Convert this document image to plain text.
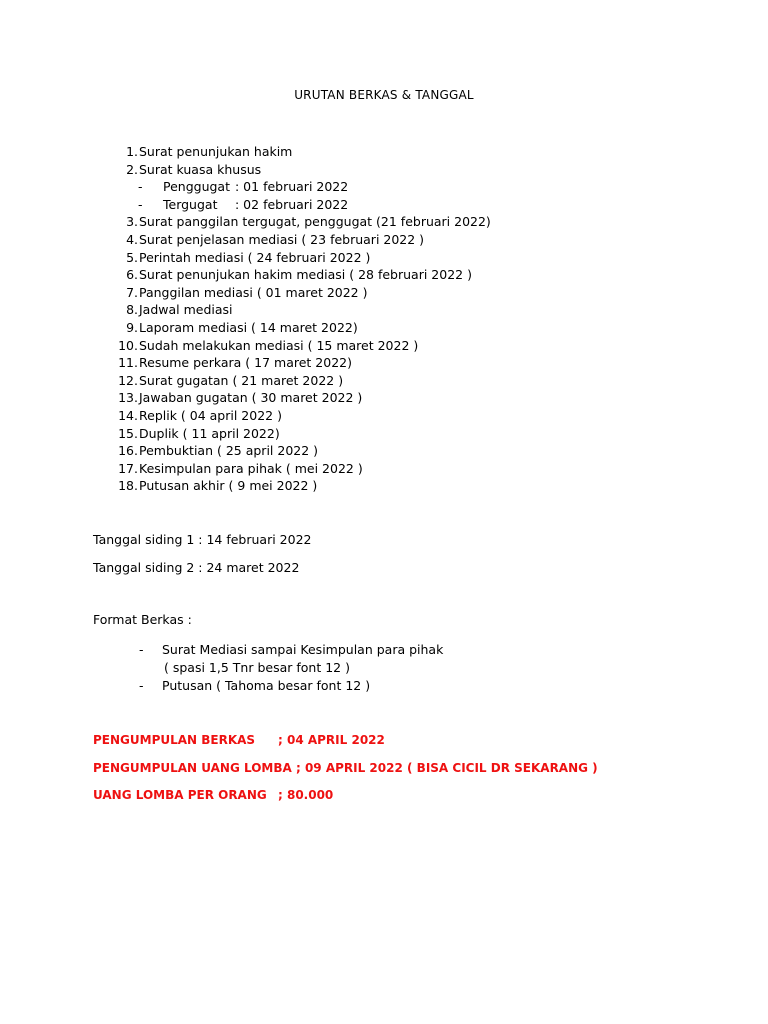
URUTAN BERKAS & TANGGAL
1. Surat penunjukan hakim
2. Surat kuasa khusus
- Penggugat : 01 februari 2022
- Tergugat : 02 februari 2022
3. Surat panggilan tergugat, penggugat (21 februari 2022)
4. Surat penjelasan mediasi ( 23 februari 2022 )
5. Perintah mediasi ( 24 februari 2022 )
6. Surat penunjukan hakim mediasi ( 28 februari 2022 )
7. Panggilan mediasi ( 01 maret 2022 )
8. Jadwal mediasi
9. Laporam mediasi ( 14 maret 2022)
10. Sudah melakukan mediasi ( 15 maret 2022 )
11. Resume perkara ( 17 maret 2022)
12. Surat gugatan ( 21 maret 2022 )
13. Jawaban gugatan ( 30 maret 2022 )
14. Replik ( 04 april 2022 )
15. Duplik ( 11 april 2022)
16. Pembuktian ( 25 april 2022 )
17. Kesimpulan para pihak ( mei 2022 )
18. Putusan akhir ( 9 mei 2022 )
Tanggal siding 1 : 14 februari 2022
Tanggal siding 2 : 24 maret 2022
Format Berkas :
- Surat Mediasi sampai Kesimpulan para pihak
( spasi 1,5 Tnr besar font 12 )
- Putusan ( Tahoma besar font 12 )
PENGUMPULAN BERKAS ; 04 APRIL 2022
PENGUMPULAN UANG LOMBA ; 09 APRIL 2022 ( BISA CICIL DR SEKARANG )
UANG LOMBA PER ORANG ; 80.000
